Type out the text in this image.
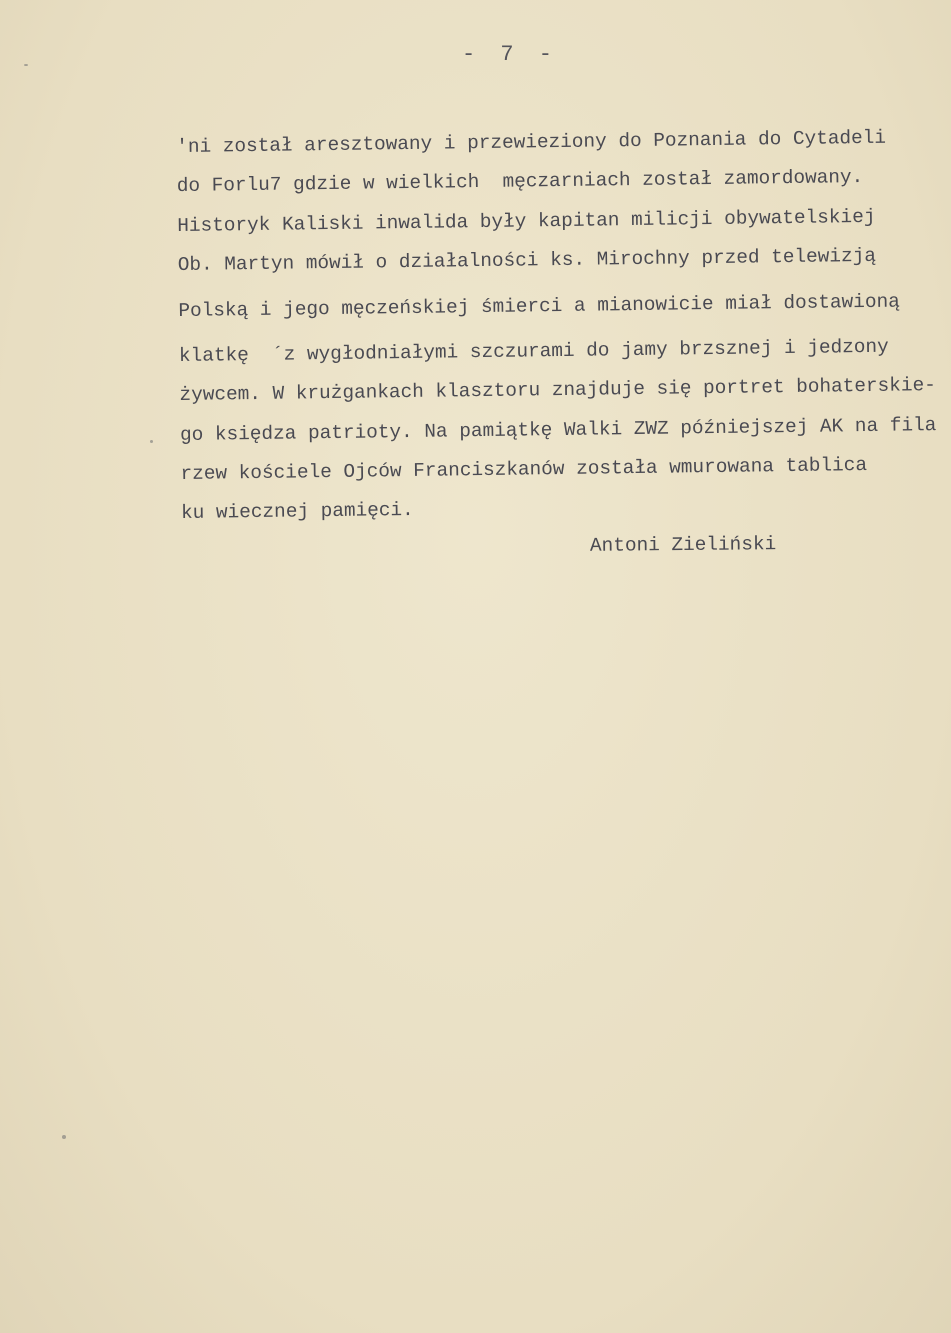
- 7 -
'ni został aresztowany i przewieziony do Poznania do Cytadeli
do Forlu7 gdzie w wielkich  męczarniach został zamordowany.
Historyk Kaliski inwalida były kapitan milicji obywatelskiej
Ob. Martyn mówił o działalności ks. Mirochny przed telewizją
Polską i jego męczeńskiej śmierci a mianowicie miał dostawioną
klatkę  ´z wygłodniałymi szczurami do jamy brzsznej i jedzony
żywcem. W krużgankach klasztoru znajduje się portret bohaterskie-
go księdza patrioty. Na pamiątkę Walki ZWZ późniejszej AK na fila
rzew kościele Ojców Franciszkanów została wmurowana tablica
ku wiecznej pamięci.
Antoni Zieliński
